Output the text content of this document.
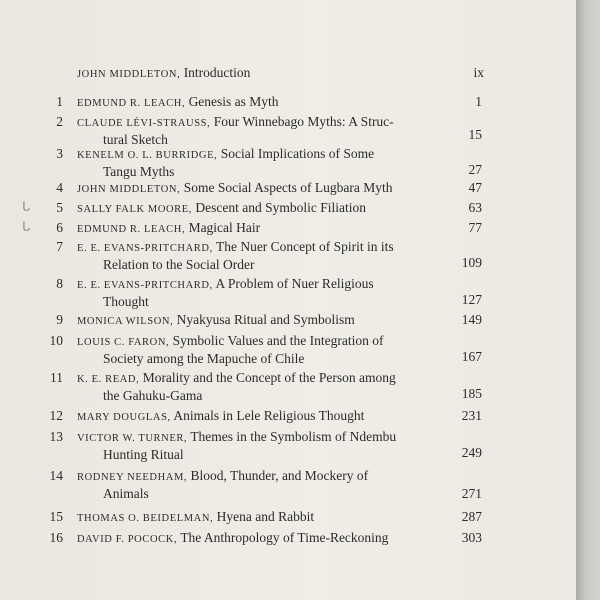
JOHN MIDDLETON, Introduction	ix
1 EDMUND R. LEACH, Genesis as Myth	1
2 CLAUDE LÉVI-STRAUSS, Four Winnebago Myths: A Struc-
tural Sketch	15
3 KENELM O. L. BURRIDGE, Social Implications of Some
Tangu Myths	27
4 JOHN MIDDLETON, Some Social Aspects of Lugbara Myth	47
ᒐ	5 SALLY FALK MOORE, Descent and Symbolic Filiation	63
ᒐ	6 EDMUND R. LEACH, Magical Hair	77
7 E. E. EVANS-PRITCHARD, The Nuer Concept of Spirit in its
Relation to the Social Order	109
8 E. E. EVANS-PRITCHARD, A Problem of Nuer Religious
Thought	127
9 MONICA WILSON, Nyakyusa Ritual and Symbolism	149
10 LOUIS C. FARON, Symbolic Values and the Integration of
Society among the Mapuche of Chile	167
11 K. E. READ, Morality and the Concept of the Person among
the Gahuku-Gama	185
12 MARY DOUGLAS, Animals in Lele Religious Thought	231
13 VICTOR W. TURNER, Themes in the Symbolism of Ndembu
Hunting Ritual	249
14 RODNEY NEEDHAM, Blood, Thunder, and Mockery of
Animals	271
15 THOMAS O. BEIDELMAN, Hyena and Rabbit	287
16 DAVID F. POCOCK, The Anthropology of Time-Reckoning	303
